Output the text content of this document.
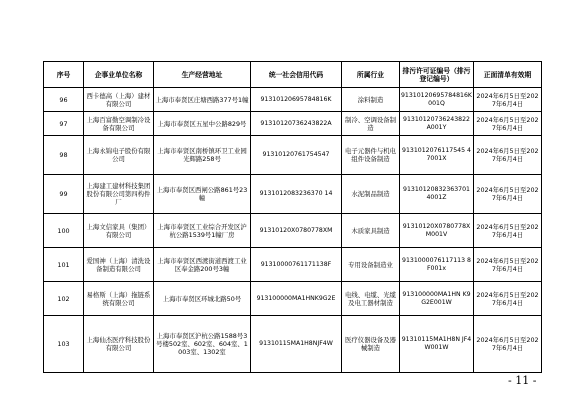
序号	企事业单位名称	生产经营地址	统一社会信用代码	所属行业	排污许可证编号（排污登记编号）	正面清单有效期
96	西卡德高（上海）建材有限公司	上海市奉贤区庄塘西路377号1幢	91310120695784816K	涂料制造	91310120695784816K001Q	2024年6月5日至2027年6月4日
97	上海百富勤空调制冷设备有限公司	上海市奉贤区五星中公路829号	91310120736243822A	制冷、空调设备制造	91310120736243822A001Y	2024年6月5日至2027年6月4日
98	上海永锦电子股份有限公司	上海市奉贤区南桥镇环卫工业园光辉路258号	91310120761754547	电子元器件与机电组件设备制造	9131012076117545 47001X	2024年6月5日至2027年6月4日
99	上海建工建材科技集团股份有限公司第四构件厂	上海市奉贤区西闸公路861号23幢	9131012083236370 14	水泥制品制造	91310120832363701 4001Z	2024年6月5日至2027年6月4日
100	上海文信家具（集团）有限公司	上海市奉贤区工业综合开发区沪杭公路1539号1幢厂房	91310120X0780778XM	木质家具制造	91310120X0780778XM001V	2024年6月5日至2027年6月4日
101	爱国神（上海）清洗设备制造有限公司	上海市奉贤区西渡街道西渡工业区奉金路200号3幢	91310000761171138F	专用设备制造业	9131000076117113 8F001x	2024年6月5日至2027年6月4日
102	易格斯（上海）拖链系统有限公司	上海市奉贤区环城北路50号	913100000MA1HNK9G2E	电线、电缆、光缆及电工器材制造	913100000MA1HN K9G2E001W	2024年6月5日至2027年6月4日
103	上海仙杰医疗科技股份有限公司	上海市奉贤区沪杭公路1588号3号楼502室、602室、604室、1003室、1302室	91310115MA1H8NJF4W	医疗仪器设备及器械制造	91310115MA1H8N JF4W001W	2024年6月5日至2027年6月4日
- 11 -
